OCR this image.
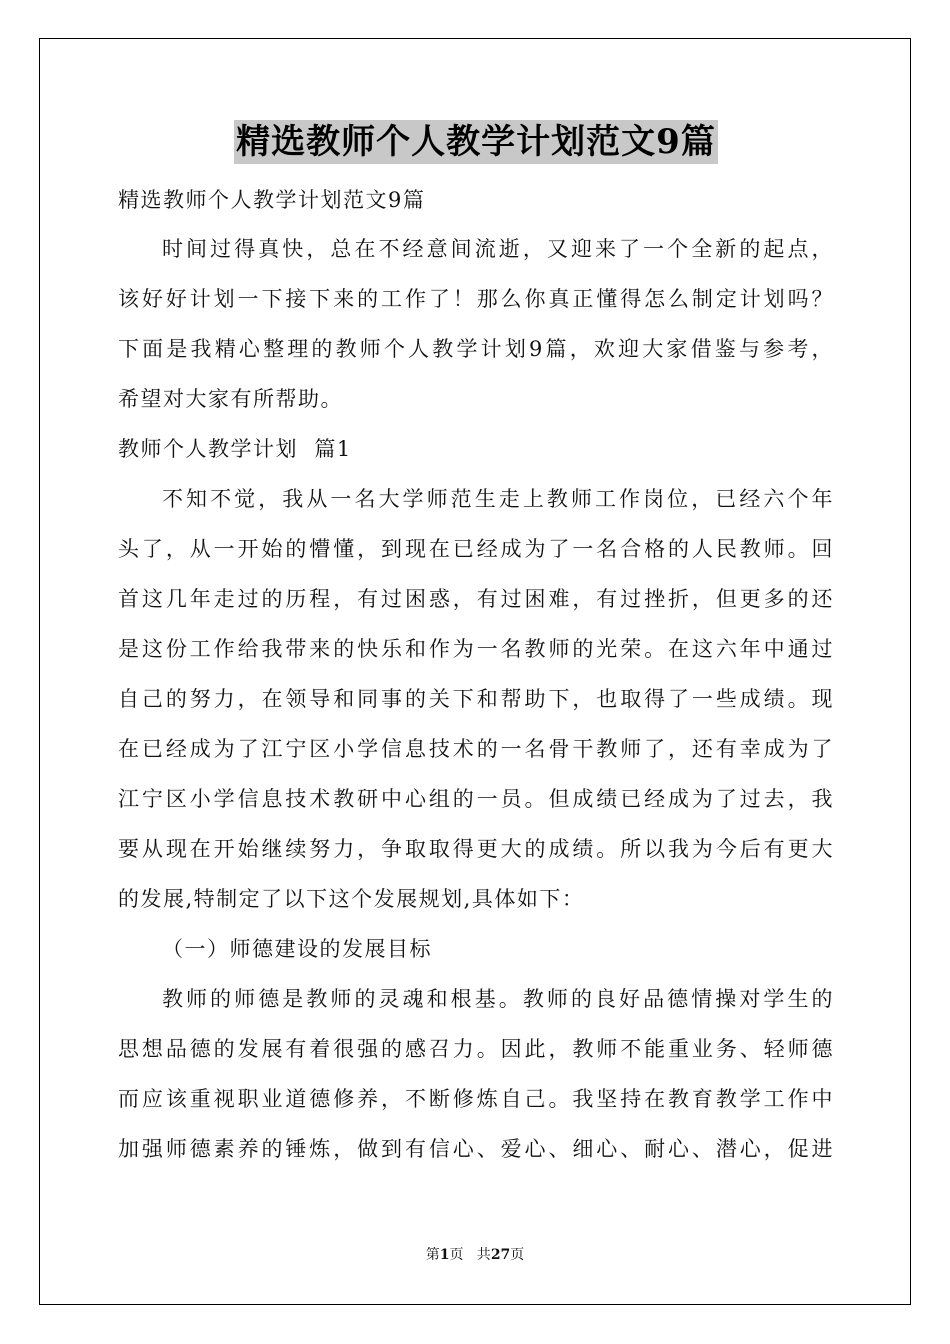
精选教师个人教学计划范文9篇
精选教师个人教学计划范文9篇
时间过得真快，总在不经意间流逝，又迎来了一个全新的起点，
该好好计划一下接下来的工作了！那么你真正懂得怎么制定计划吗？
下面是我精心整理的教师个人教学计划9篇，欢迎大家借鉴与参考，
希望对大家有所帮助。
教师个人教学计划  篇1
不知不觉，我从一名大学师范生走上教师工作岗位，已经六个年
头了，从一开始的懵懂，到现在已经成为了一名合格的人民教师。回
首这几年走过的历程，有过困惑，有过困难，有过挫折，但更多的还
是这份工作给我带来的快乐和作为一名教师的光荣。在这六年中通过
自己的努力，在领导和同事的关下和帮助下，也取得了一些成绩。现
在已经成为了江宁区小学信息技术的一名骨干教师了，还有幸成为了
江宁区小学信息技术教研中心组的一员。但成绩已经成为了过去，我
要从现在开始继续努力，争取取得更大的成绩。所以我为今后有更大
的发展,特制定了以下这个发展规划,具体如下：
（一）师德建设的发展目标
教师的师德是教师的灵魂和根基。教师的良好品德情操对学生的
思想品德的发展有着很强的感召力。因此，教师不能重业务、轻师德
而应该重视职业道德修养，不断修炼自己。我坚持在教育教学工作中
加强师德素养的锤炼，做到有信心、爱心、细心、耐心、潜心，促进
第1页   共27页
